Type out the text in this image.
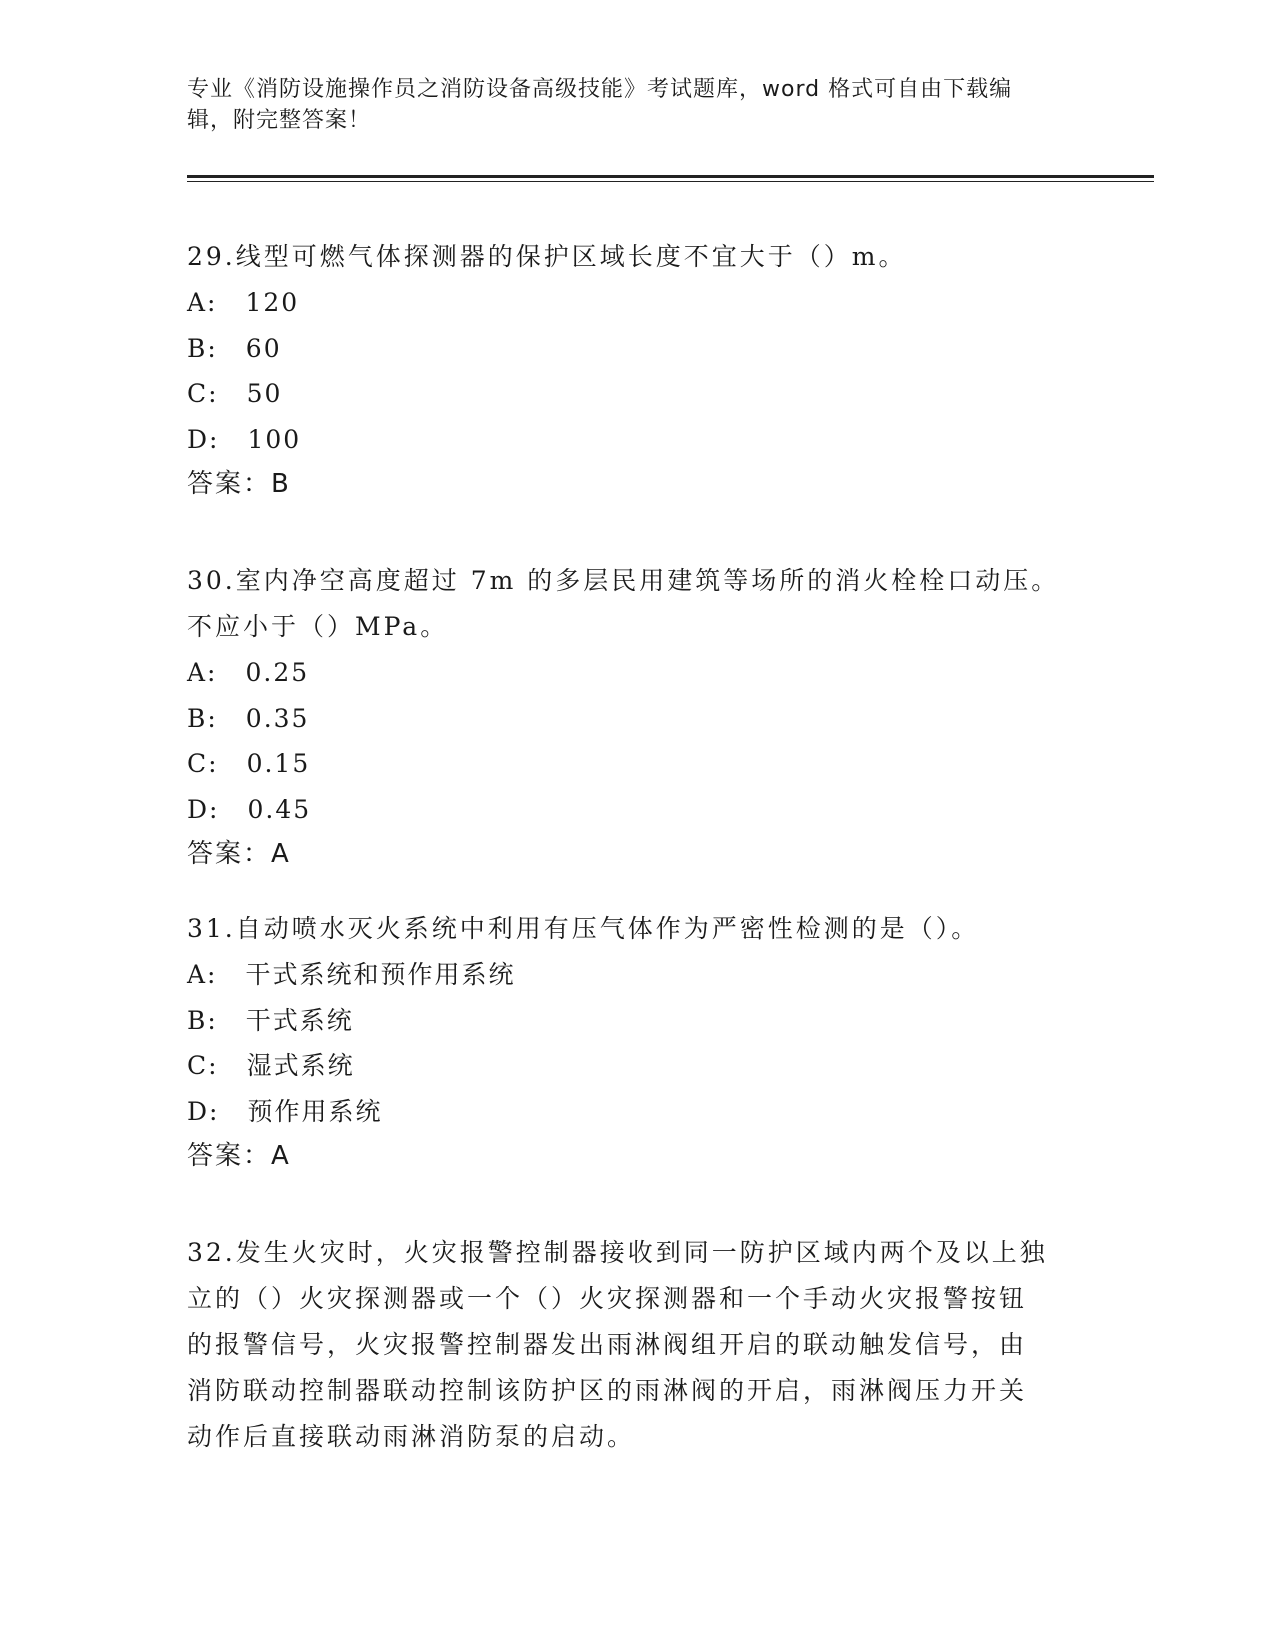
专业《消防设施操作员之消防设备高级技能》考试题库，word 格式可自由下载编
辑，附完整答案！
29.线型可燃气体探测器的保护区域长度不宜大于（）m。
A: 120
B: 60
C: 50
D: 100
答案：B
30.室内净空高度超过 7m 的多层民用建筑等场所的消火栓栓口动压。
不应小于（）MPa。
A: 0.25
B: 0.35
C: 0.15
D: 0.45
答案：A
31.自动喷水灭火系统中利用有压气体作为严密性检测的是（）。
A: 干式系统和预作用系统
B: 干式系统
C: 湿式系统
D: 预作用系统
答案：A
32.发生火灾时，火灾报警控制器接收到同一防护区域内两个及以上独
立的（）火灾探测器或一个（）火灾探测器和一个手动火灾报警按钮
的报警信号，火灾报警控制器发出雨淋阀组开启的联动触发信号，由
消防联动控制器联动控制该防护区的雨淋阀的开启，雨淋阀压力开关
动作后直接联动雨淋消防泵的启动。
